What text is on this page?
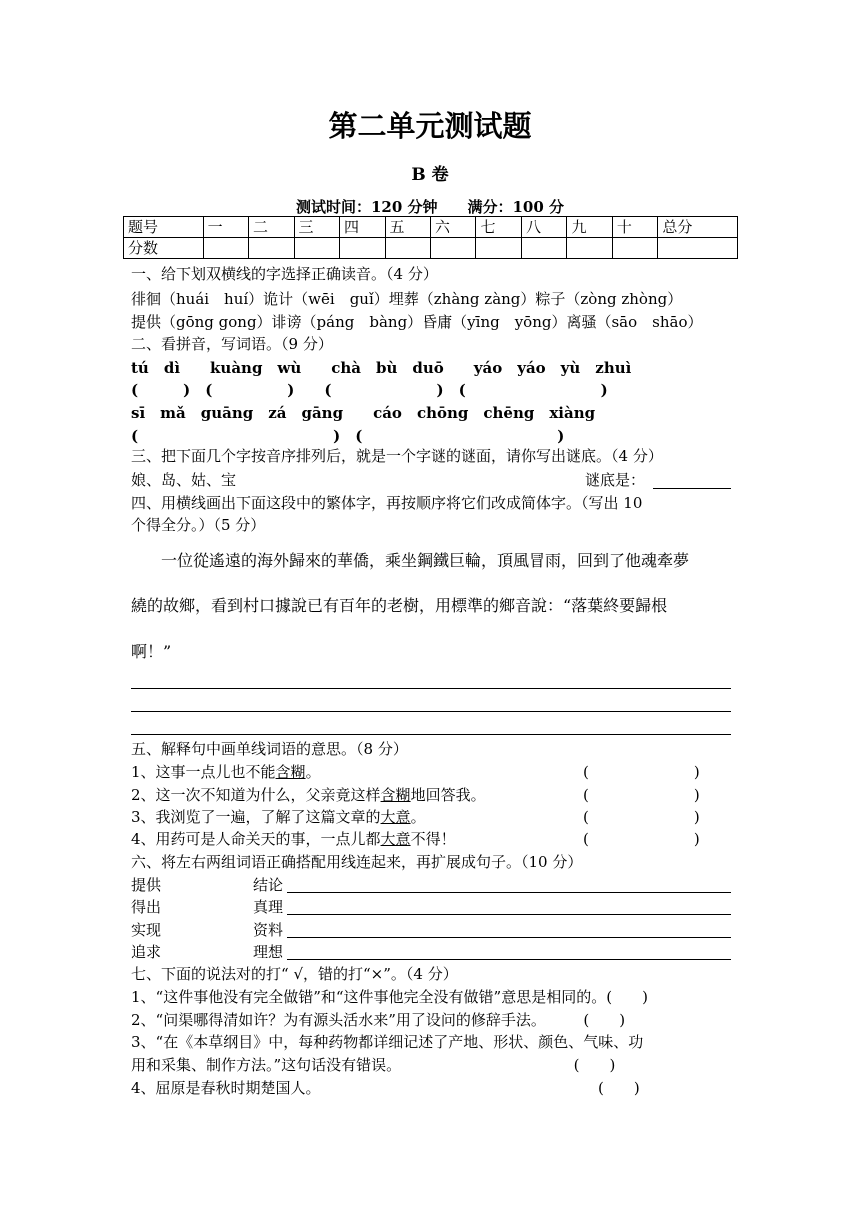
第二单元测试题
B 卷
测试时间：120 分钟　　满分：100 分
题号	一	二	三	四	五	六	七	八	九	十	总分
分数											
一、给下划双横线的字选择正确读音。（4 分）
徘徊（huái　huí）诡计（wēi　guǐ）埋葬（zhàng zàng）粽子（zòng zhòng）
提供（gōng gong）诽谤（páng　bàng）昏庸（yīng　yōng）离骚（sāo　shāo）
二、看拼音，写词语。（9 分）
tú　dì　　kuàng　wù　　chà　bù　duō　　yáo　yáo　yù　zhuì
(　　　)　(　　　　　)　　(　　　　　　　)　(　　　　　　　　　)
sī　mǎ　guāng　zá　gāng　　cáo　chōng　chēng　xiàng
(　　　　　　　　　　　　　)　(　　　　　　　　　　　　　)
三、把下面几个字按音序排列后，就是一个字谜的谜面，请你写出谜底。（4 分）
娘、岛、姑、宝	谜底是：
四、用横线画出下面这段中的繁体字，再按顺序将它们改成简体字。（写出 10
个得全分。）（5 分）
一位從遙遠的海外歸來的華僑，乘坐鋼鐵巨輪，頂風冒雨，回到了他魂牽夢
繞的故鄉，看到村口據說已有百年的老樹，用標準的鄉音說：“落葉終要歸根
啊！”
五、解释句中画单线词语的意思。（8 分）
1、这事一点儿也不能含糊。	(　　　　　　　)
2、这一次不知道为什么，父亲竟这样含糊地回答我。	(　　　　　　　)
3、我浏览了一遍，了解了这篇文章的大意。	(　　　　　　　)
4、用药可是人命关天的事，一点儿都大意不得！	(　　　　　　　)
六、将左右两组词语正确搭配用线连起来，再扩展成句子。（10 分）
提供	结论
得出	真理
实现	资料
追求	理想
七、下面的说法对的打“ √，错的打“×”。（4 分）
1、“这件事他没有完全做错”和“这件事他完全没有做错”意思是相同的。(　　)
2、“问渠哪得清如许？为有源头活水来”用了设问的修辞手法。　　　(　　)
3、“在《本草纲目》中，每种药物都详细记述了产地、形状、颜色、气味、功
用和采集、制作方法。”这句话没有错误。　　　　　　　　　　　　(　　)
4、屈原是春秋时期楚国人。　　　　　　　　　　　　　　　　　　　(　　)
